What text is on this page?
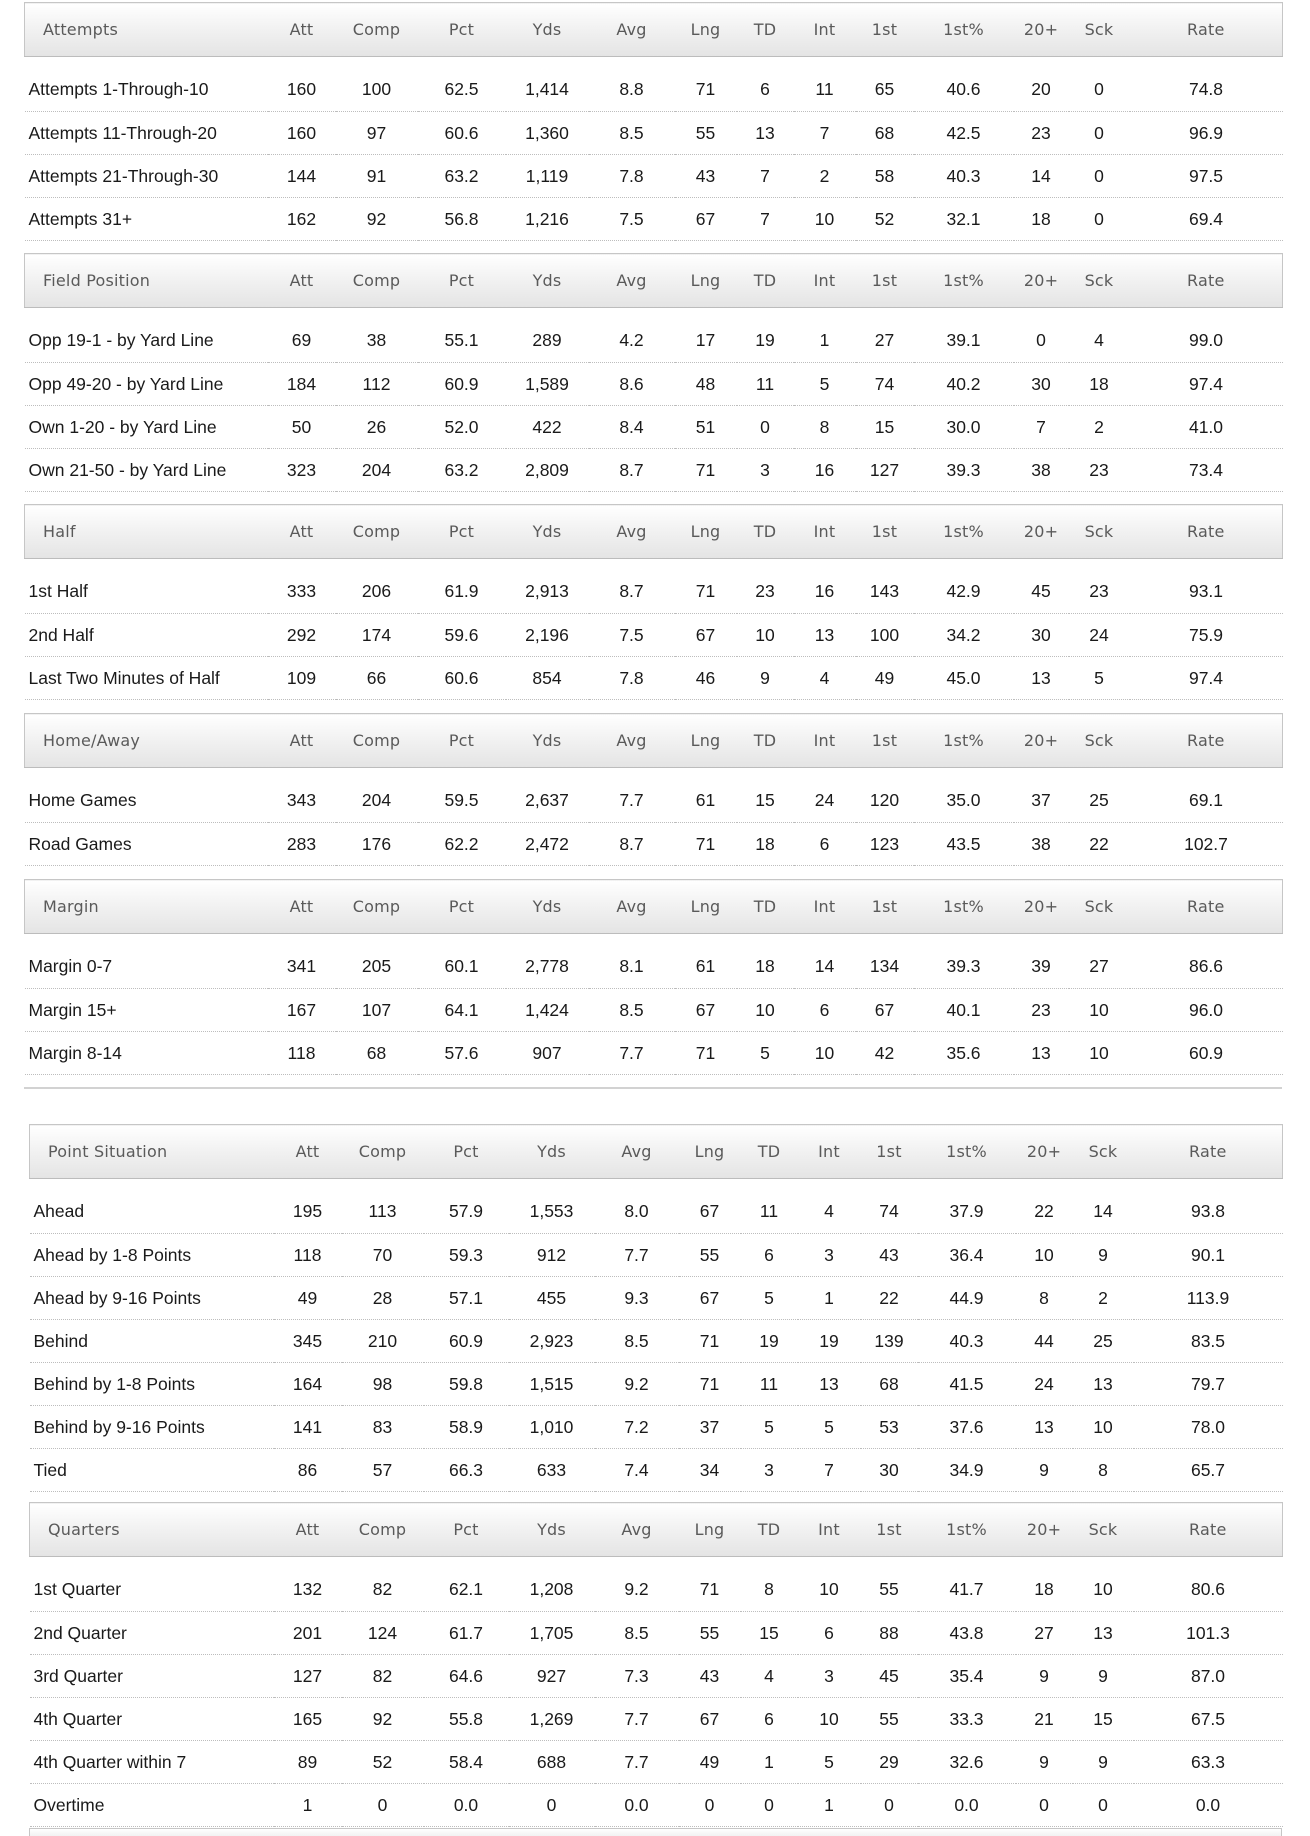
Attempts	Att	Comp	Pct	Yds	Avg	Lng	TD	Int	1st	1st%	20+	Sck	Rate

Attempts 1-Through-10	160	100	62.5	1,414	8.8	71	6	11	65	40.6	20	0	74.8
Attempts 11-Through-20	160	97	60.6	1,360	8.5	55	13	7	68	42.5	23	0	96.9
Attempts 21-Through-30	144	91	63.2	1,119	7.8	43	7	2	58	40.3	14	0	97.5
Attempts 31+	162	92	56.8	1,216	7.5	67	7	10	52	32.1	18	0	69.4
Field Position	Att	Comp	Pct	Yds	Avg	Lng	TD	Int	1st	1st%	20+	Sck	Rate

Opp 19-1 - by Yard Line	69	38	55.1	289	4.2	17	19	1	27	39.1	0	4	99.0
Opp 49-20 - by Yard Line	184	112	60.9	1,589	8.6	48	11	5	74	40.2	30	18	97.4
Own 1-20 - by Yard Line	50	26	52.0	422	8.4	51	0	8	15	30.0	7	2	41.0
Own 21-50 - by Yard Line	323	204	63.2	2,809	8.7	71	3	16	127	39.3	38	23	73.4
Half	Att	Comp	Pct	Yds	Avg	Lng	TD	Int	1st	1st%	20+	Sck	Rate

1st Half	333	206	61.9	2,913	8.7	71	23	16	143	42.9	45	23	93.1
2nd Half	292	174	59.6	2,196	7.5	67	10	13	100	34.2	30	24	75.9
Last Two Minutes of Half	109	66	60.6	854	7.8	46	9	4	49	45.0	13	5	97.4
Home/Away	Att	Comp	Pct	Yds	Avg	Lng	TD	Int	1st	1st%	20+	Sck	Rate

Home Games	343	204	59.5	2,637	7.7	61	15	24	120	35.0	37	25	69.1
Road Games	283	176	62.2	2,472	8.7	71	18	6	123	43.5	38	22	102.7
Margin	Att	Comp	Pct	Yds	Avg	Lng	TD	Int	1st	1st%	20+	Sck	Rate

Margin 0-7	341	205	60.1	2,778	8.1	61	18	14	134	39.3	39	27	86.6
Margin 15+	167	107	64.1	1,424	8.5	67	10	6	67	40.1	23	10	96.0
Margin 8-14	118	68	57.6	907	7.7	71	5	10	42	35.6	13	10	60.9
Point Situation	Att	Comp	Pct	Yds	Avg	Lng	TD	Int	1st	1st%	20+	Sck	Rate

Ahead	195	113	57.9	1,553	8.0	67	11	4	74	37.9	22	14	93.8
Ahead by 1-8 Points	118	70	59.3	912	7.7	55	6	3	43	36.4	10	9	90.1
Ahead by 9-16 Points	49	28	57.1	455	9.3	67	5	1	22	44.9	8	2	113.9
Behind	345	210	60.9	2,923	8.5	71	19	19	139	40.3	44	25	83.5
Behind by 1-8 Points	164	98	59.8	1,515	9.2	71	11	13	68	41.5	24	13	79.7
Behind by 9-16 Points	141	83	58.9	1,010	7.2	37	5	5	53	37.6	13	10	78.0
Tied	86	57	66.3	633	7.4	34	3	7	30	34.9	9	8	65.7
Quarters	Att	Comp	Pct	Yds	Avg	Lng	TD	Int	1st	1st%	20+	Sck	Rate

1st Quarter	132	82	62.1	1,208	9.2	71	8	10	55	41.7	18	10	80.6
2nd Quarter	201	124	61.7	1,705	8.5	55	15	6	88	43.8	27	13	101.3
3rd Quarter	127	82	64.6	927	7.3	43	4	3	45	35.4	9	9	87.0
4th Quarter	165	92	55.8	1,269	7.7	67	6	10	55	33.3	21	15	67.5
4th Quarter within 7	89	52	58.4	688	7.7	49	1	5	29	32.6	9	9	63.3
Overtime	1	0	0.0	0	0.0	0	0	1	0	0.0	0	0	0.0
